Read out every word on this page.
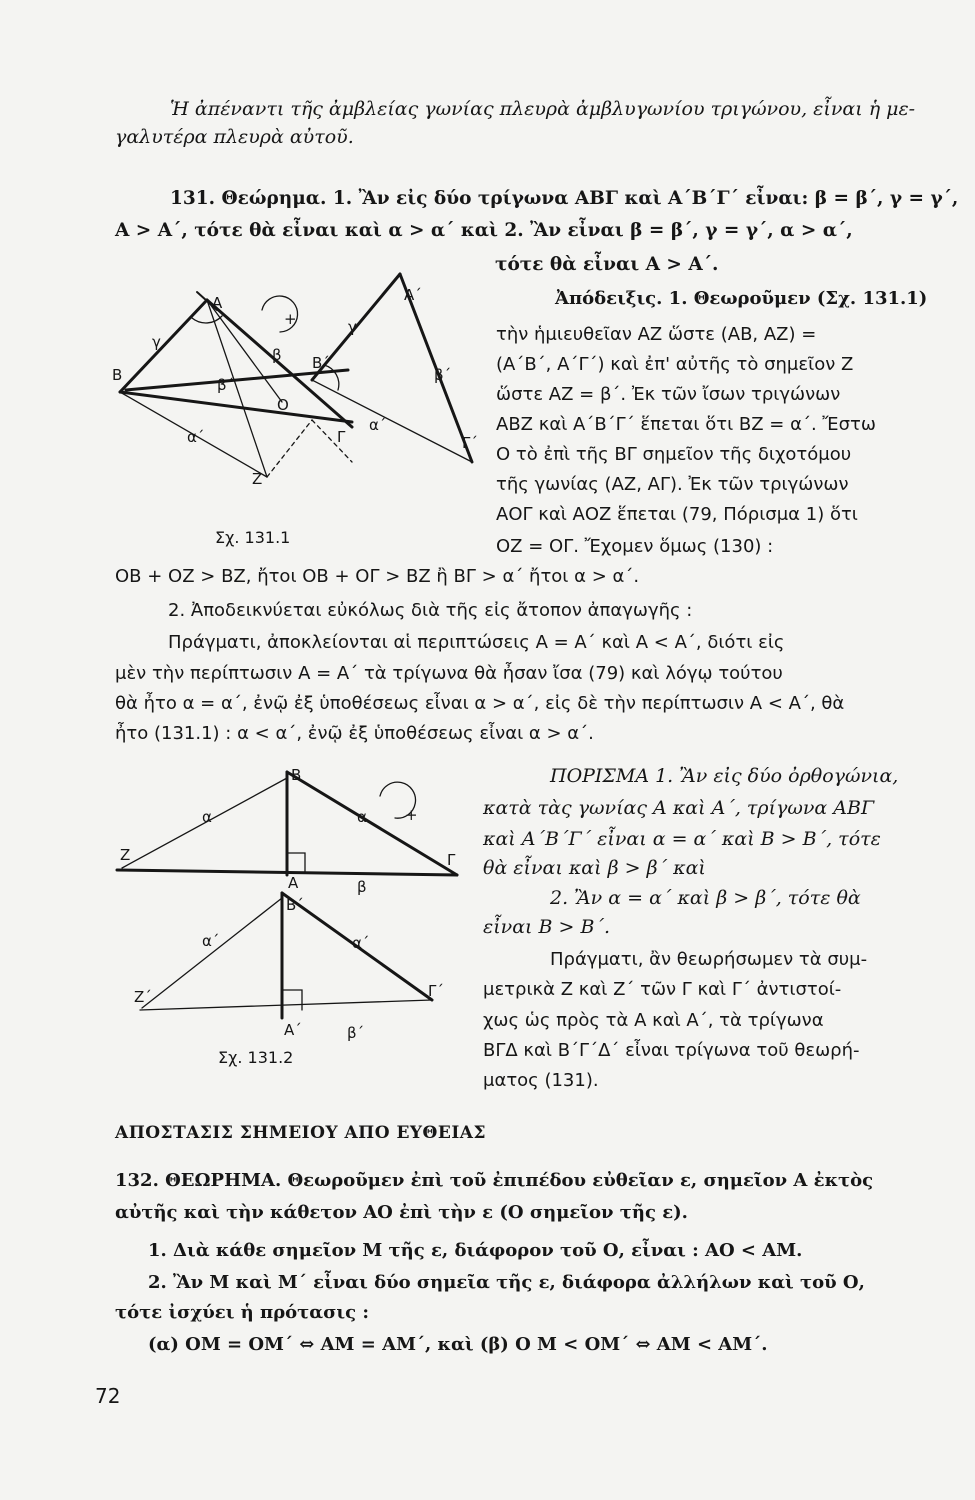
Ἡ ἀπέναντι τῆς ἀμβλείας γωνίας πλευρὰ ἀμβλυγωνίου τριγώνου, εἶναι ἡ με-
γαλυτέρα πλευρὰ αὐτοῦ.
131. Θεώρημα. 1. Ἂν εἰς δύο τρίγωνα ΑΒΓ καὶ Α΄Β΄Γ΄ εἶναι: β = β΄, γ = γ΄,
Α > Α΄, τότε θὰ εἶναι καὶ α > α΄ καὶ 2. Ἂν εἶναι β = β΄, γ = γ΄, α > α΄,
τότε θὰ εἶναι Α > Α΄.
Α
Β
Γ
Ο
Ζ
γ
β
β΄
α΄
+
Α΄
Β΄
Γ΄
γ΄
β΄
α΄
Σχ. 131.1
Ἀπόδειξις. 1. Θεωροῦμεν (Σχ. 131.1)
τὴν ἡμιευθεῖαν ΑΖ ὥστε (ΑΒ, ΑΖ) =
(Α΄Β΄, Α΄Γ΄) καὶ ἐπ' αὐτῆς τὸ σημεῖον Ζ
ὥστε ΑΖ = β΄. Ἐκ τῶν ἴσων τριγώνων
ΑΒΖ καὶ Α΄Β΄Γ΄ ἕπεται ὅτι ΒΖ = α΄. Ἔστω
Ο τὸ ἐπὶ τῆς ΒΓ σημεῖον τῆς διχοτόμου
τῆς γωνίας (ΑΖ, ΑΓ). Ἐκ τῶν τριγώνων
ΑΟΓ καὶ ΑΟΖ ἕπεται (79, Πόρισμα 1) ὅτι
ΟΖ = ΟΓ. Ἔχομεν ὅμως (130) :
ΟΒ + ΟΖ > ΒΖ, ἤτοι ΟΒ + ΟΓ > ΒΖ ἢ ΒΓ > α΄ ἤτοι α > α΄.
2. Ἀποδεικνύεται εὐκόλως διὰ τῆς εἰς ἄτοπον ἀπαγωγῆς :
Πράγματι, ἀποκλείονται αἱ περιπτώσεις Α = Α΄ καὶ Α < Α΄, διότι εἰς
μὲν τὴν περίπτωσιν Α = Α΄ τὰ τρίγωνα θὰ ἦσαν ἴσα (79) καὶ λόγῳ τούτου
θὰ ἦτο α = α΄, ἐνῷ ἐξ ὑποθέσεως εἶναι α > α΄, εἰς δὲ τὴν περίπτωσιν Α < Α΄, θὰ
ἦτο (131.1) : α < α΄, ἐνῷ ἐξ ὑποθέσεως εἶναι α > α΄.
Β
Ζ
Α
Γ
α	α
β
+
Β΄
Ζ΄
Α΄
Γ΄
α΄	α΄
β΄
Σχ. 131.2
ΠΟΡΙΣΜΑ 1. Ἂν εἰς δύο ὀρθογώνια,
κατὰ τὰς γωνίας Α καὶ Α΄, τρίγωνα ΑΒΓ
καὶ Α΄Β΄Γ΄ εἶναι α = α΄ καὶ Β > Β΄, τότε
θὰ εἶναι καὶ β > β΄ καὶ
2. Ἂν α = α΄ καὶ β > β΄, τότε θὰ
εἶναι Β > Β΄.
Πράγματι, ἂν θεωρήσωμεν τὰ συμ-
μετρικὰ Ζ καὶ Ζ΄ τῶν Γ καὶ Γ΄ ἀντιστοί-
χως ὡς πρὸς τὰ Α καὶ Α΄, τὰ τρίγωνα
ΒΓΔ καὶ Β΄Γ΄Δ΄ εἶναι τρίγωνα τοῦ θεωρή-
ματος (131).
ΑΠΟΣΤΑΣΙΣ ΣΗΜΕΙΟΥ ΑΠΟ ΕΥΘΕΙΑΣ
132. ΘΕΩΡΗΜΑ. Θεωροῦμεν ἐπὶ τοῦ ἐπιπέδου εὐθεῖαν ε, σημεῖον Α ἐκτὸς
αὐτῆς καὶ τὴν κάθετον ΑΟ ἐπὶ τὴν ε (Ο σημεῖον τῆς ε).
1. Διὰ κάθε σημεῖον Μ τῆς ε, διάφορον τοῦ Ο, εἶναι : ΑΟ < ΑΜ.
2. Ἂν Μ καὶ Μ΄ εἶναι δύο σημεῖα τῆς ε, διάφορα ἀλλήλων καὶ τοῦ Ο,
τότε ἰσχύει ἡ πρότασις :
(α) ΟΜ = ΟΜ΄ ⇔ ΑΜ = ΑΜ΄, καὶ (β) Ο Μ < ΟΜ΄ ⇔ ΑΜ < ΑΜ΄.
72
